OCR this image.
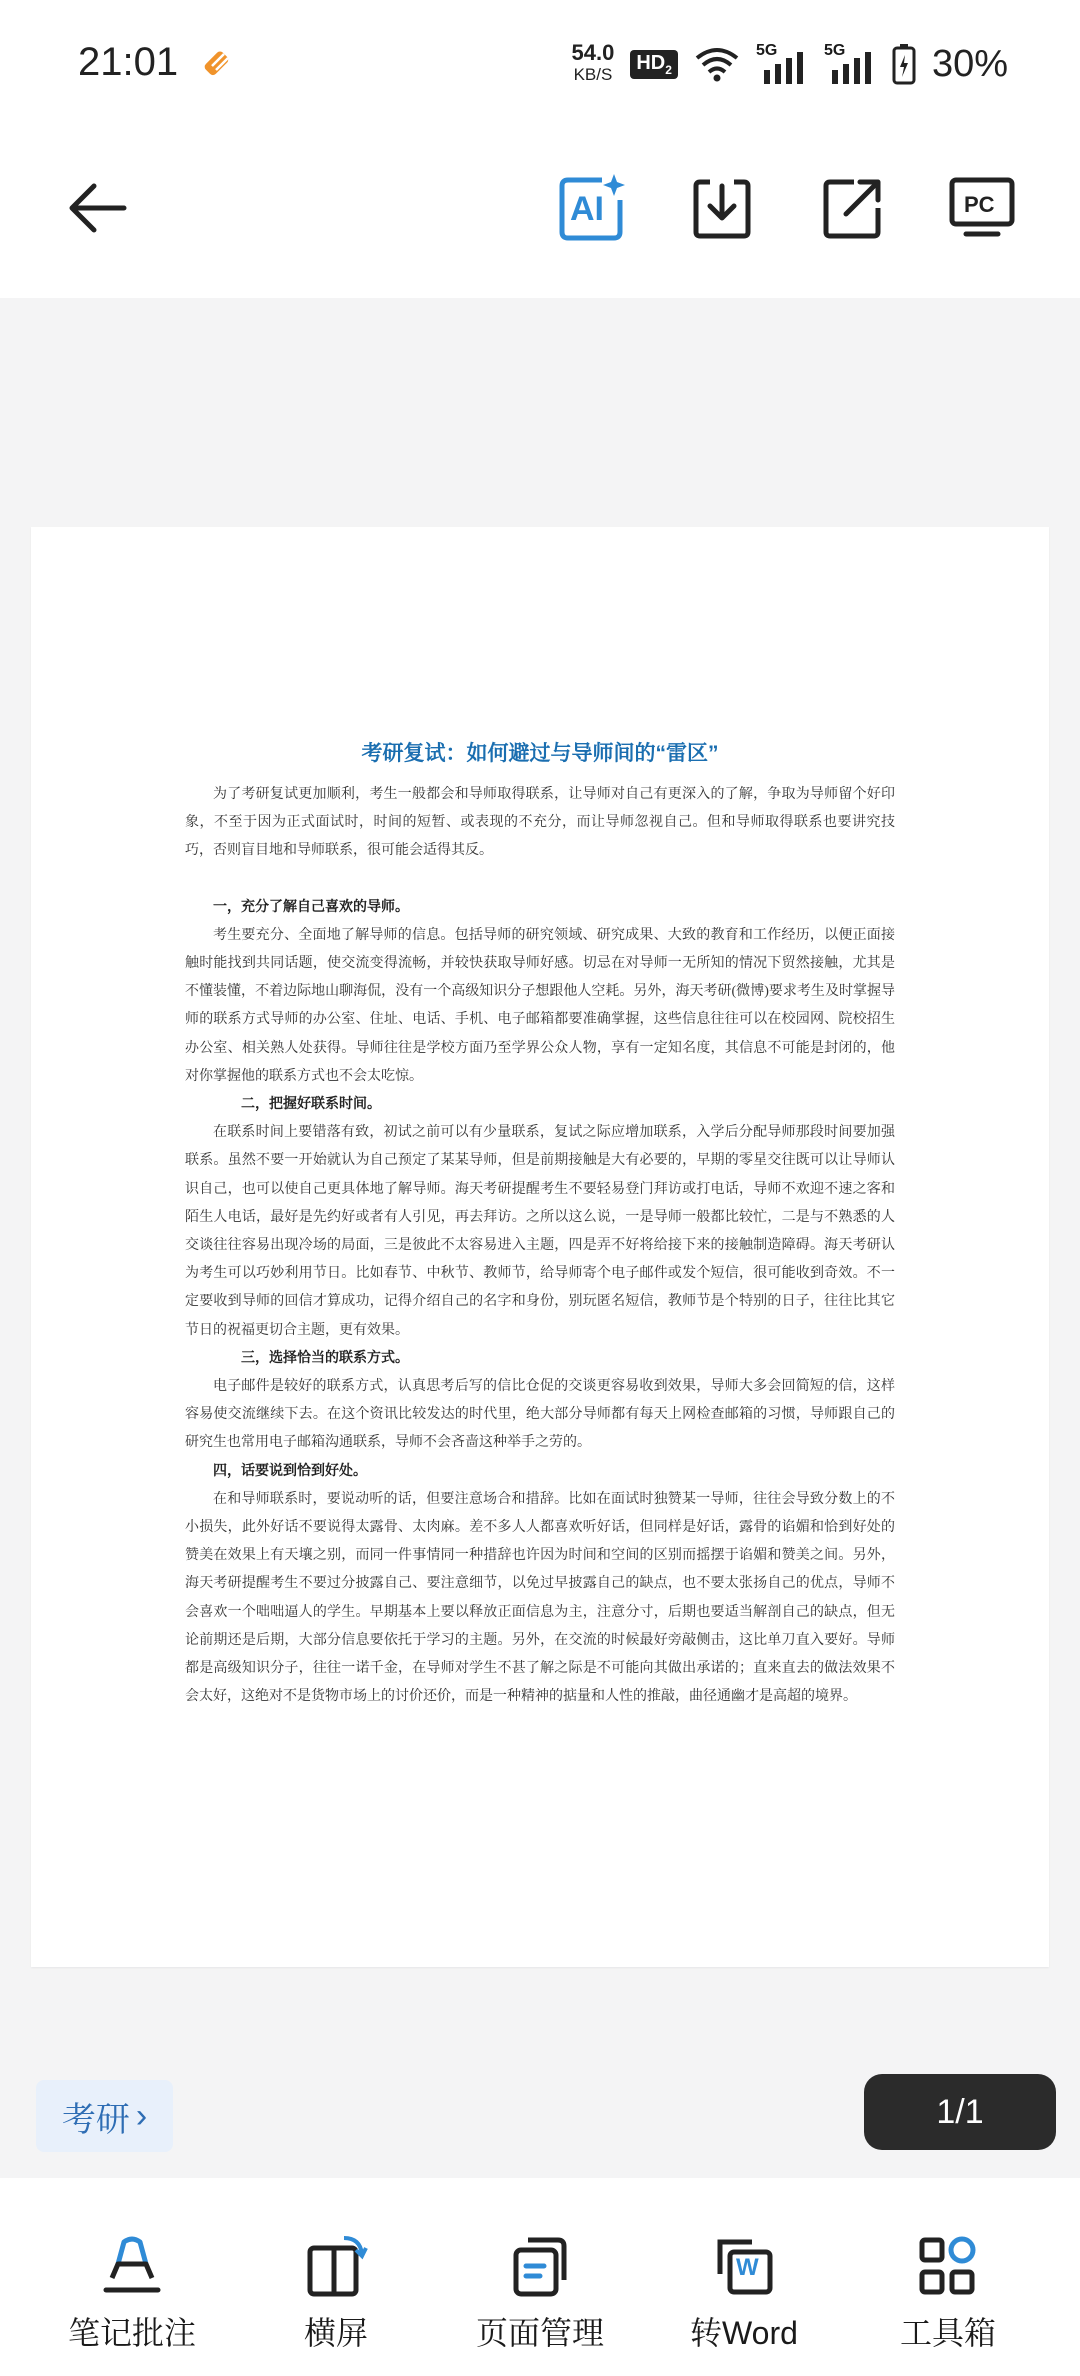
21:01	54.0
KB/S
$HD_2$
5G	5G 30%
AI	PC
考研复试：如何避过与导师间的“雷区”

为了考研复试更加顺利，考生一般都会和导师取得联系，让导师对自己有更深入的了解，争取为导师留个好印象，不至于因为正式面试时，时间的短暂、或表现的不充分，而让导师忽视自己。但和导师取得联系也要讲究技巧，否则盲目地和导师联系，很可能会适得其反。

一，充分了解自己喜欢的导师。

考生要充分、全面地了解导师的信息。包括导师的研究领域、研究成果、大致的教育和工作经历，以便正面接触时能找到共同话题，使交流变得流畅，并较快获取导师好感。切忌在对导师一无所知的情况下贸然接触，尤其是不懂装懂，不着边际地山聊海侃，没有一个高级知识分子想跟他人空耗。另外，海天考研(微博)要求考生及时掌握导师的联系方式导师的办公室、住址、电话、手机、电子邮箱都要准确掌握，这些信息往往可以在校园网、院校招生办公室、相关熟人处获得。导师往往是学校方面乃至学界公众人物，享有一定知名度，其信息不可能是封闭的，他对你掌握他的联系方式也不会太吃惊。

二，把握好联系时间。

在联系时间上要错落有致，初试之前可以有少量联系，复试之际应增加联系，入学后分配导师那段时间要加强联系。虽然不要一开始就认为自己预定了某某导师，但是前期接触是大有必要的，早期的零星交往既可以让导师认识自己，也可以使自己更具体地了解导师。海天考研提醒考生不要轻易登门拜访或打电话，导师不欢迎不速之客和陌生人电话，最好是先约好或者有人引见，再去拜访。之所以这么说，一是导师一般都比较忙，二是与不熟悉的人交谈往往容易出现冷场的局面，三是彼此不太容易进入主题，四是弄不好将给接下来的接触制造障碍。海天考研认为考生可以巧妙利用节日。比如春节、中秋节、教师节，给导师寄个电子邮件或发个短信，很可能收到奇效。不一定要收到导师的回信才算成功，记得介绍自己的名字和身份，别玩匿名短信，教师节是个特别的日子，往往比其它节日的祝福更切合主题，更有效果。

三，选择恰当的联系方式。

电子邮件是较好的联系方式，认真思考后写的信比仓促的交谈更容易收到效果，导师大多会回简短的信，这样容易使交流继续下去。在这个资讯比较发达的时代里，绝大部分导师都有每天上网检查邮箱的习惯，导师跟自己的研究生也常用电子邮箱沟通联系，导师不会吝啬这种举手之劳的。

四，话要说到恰到好处。

在和导师联系时，要说动听的话，但要注意场合和措辞。比如在面试时独赞某一导师，往往会导致分数上的不小损失，此外好话不要说得太露骨、太肉麻。差不多人人都喜欢听好话，但同样是好话，露骨的谄媚和恰到好处的赞美在效果上有天壤之别，而同一件事情同一种措辞也许因为时间和空间的区别而摇摆于谄媚和赞美之间。另外，海天考研提醒考生不要过分披露自己、要注意细节，以免过早披露自己的缺点，也不要太张扬自己的优点，导师不会喜欢一个咄咄逼人的学生。早期基本上要以释放正面信息为主，注意分寸，后期也要适当解剖自己的缺点，但无论前期还是后期，大部分信息要依托于学习的主题。另外，在交流的时候最好旁敲侧击，这比单刀直入要好。导师都是高级知识分子，往往一诺千金，在导师对学生不甚了解之际是不可能向其做出承诺的；直来直去的做法效果不会太好，这绝对不是货物市场上的讨价还价，而是一种精神的掂量和人性的推敲，曲径通幽才是高超的境界。

考研 ›	1/1
笔记批注	横屏	页面管理
W
转Word	工具箱
